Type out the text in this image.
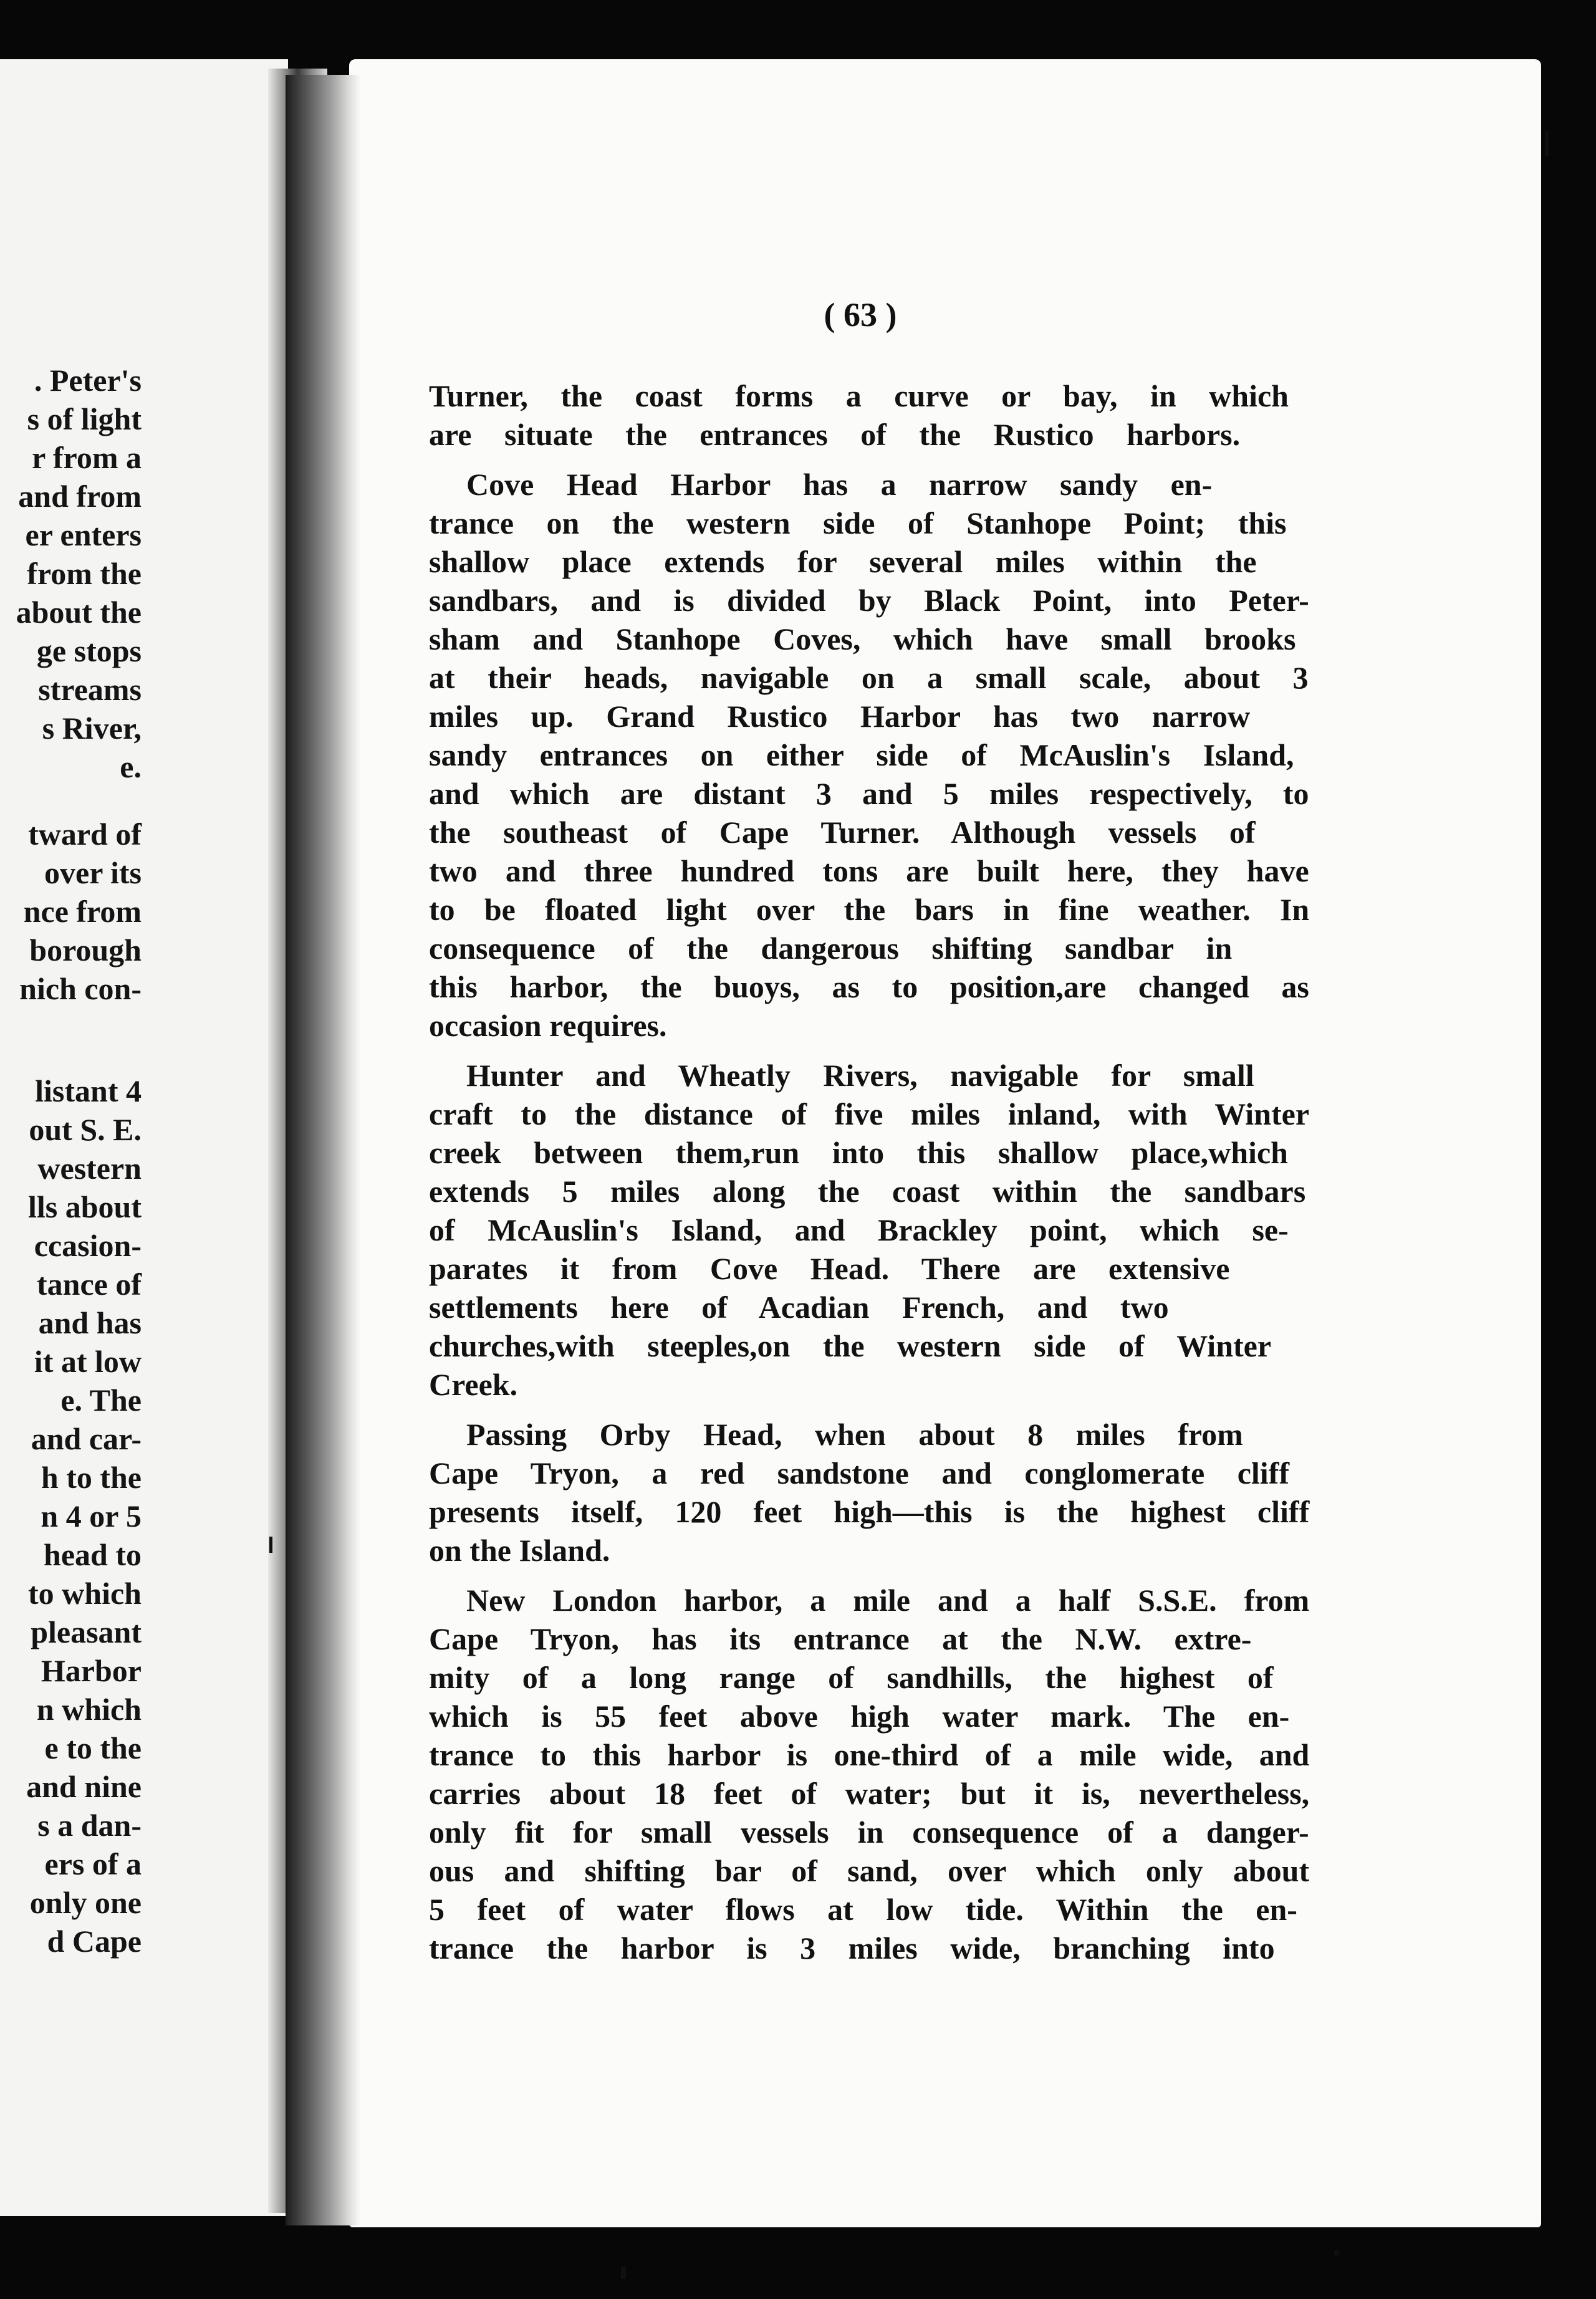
. Peter's
s of light
r from a
and from
er enters
from the
about the
ge stops
streams
s River,
e.
tward of
over its
nce from
borough
nich con-
listant 4
out S. E.
western
lls about
ccasion-
tance of
and has
it at low
e. The
and car-
h to the
n 4 or 5
head to
to which
pleasant
Harbor
n which
e to the
and nine
s a dan-
ers of a
only one
d Cape
( 63 )
Turner, the coast forms a curve or bay, in which
are situate the entrances of the Rustico harbors.
Cove Head Harbor has a narrow sandy en-
trance on the western side of Stanhope Point; this
shallow place extends for several miles within the
sandbars, and is divided by Black Point, into Peter-
sham and Stanhope Coves, which have small brooks
at their heads, navigable on a small scale, about 3
miles up. Grand Rustico Harbor has two narrow
sandy entrances on either side of McAuslin's Island,
and which are distant 3 and 5 miles respectively, to
the southeast of Cape Turner. Although vessels of
two and three hundred tons are built here, they have
to be floated light over the bars in fine weather. In
consequence of the dangerous shifting sandbar in
this harbor, the buoys, as to position,are changed as
occasion requires.
Hunter and Wheatly Rivers, navigable for small
craft to the distance of five miles inland, with Winter
creek between them,run into this shallow place,which
extends 5 miles along the coast within the sandbars
of McAuslin's Island, and Brackley point, which se-
parates it from Cove Head. There are extensive
settlements here of Acadian French, and two
churches,with steeples,on the western side of Winter
Creek.
Passing Orby Head, when about 8 miles from
Cape Tryon, a red sandstone and conglomerate cliff
presents itself, 120 feet high—this is the highest cliff
on the Island.
New London harbor, a mile and a half S.S.E. from
Cape Tryon, has its entrance at the N.W. extre-
mity of a long range of sandhills, the highest of
which is 55 feet above high water mark. The en-
trance to this harbor is one-third of a mile wide, and
carries about 18 feet of water; but it is, nevertheless,
only fit for small vessels in consequence of a danger-
ous and shifting bar of sand, over which only about
5 feet of water flows at low tide. Within the en-
trance the harbor is 3 miles wide, branching into
